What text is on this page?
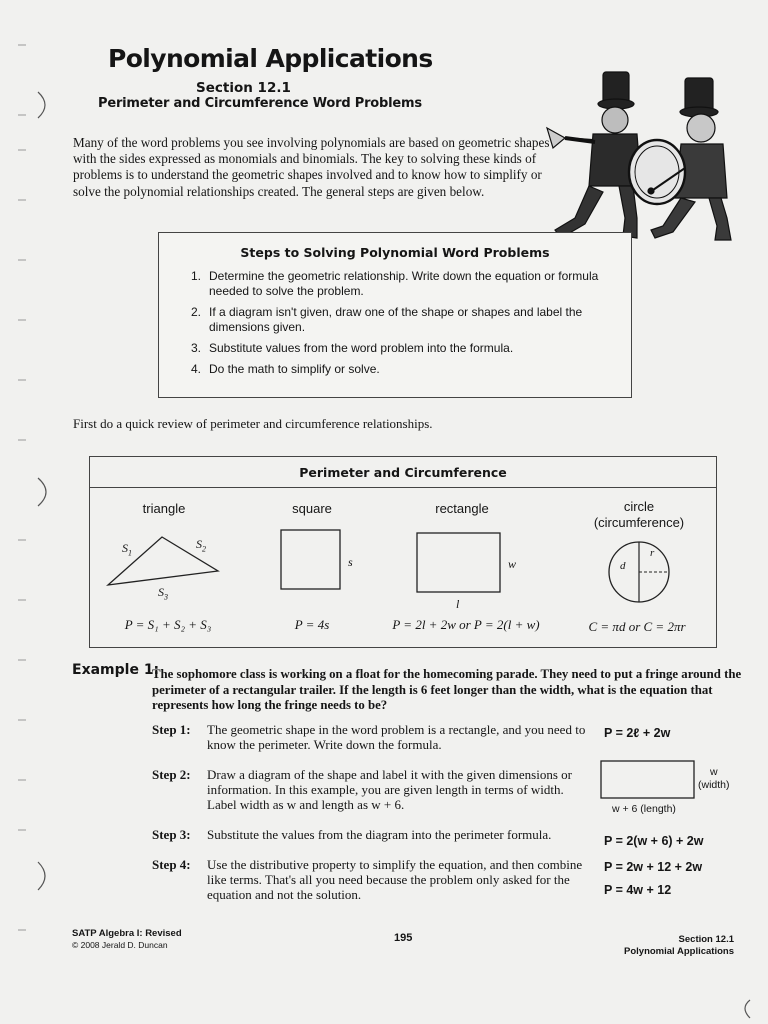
Polynomial Applications
Section 12.1
Perimeter and Circumference Word Problems
Many of the word problems you see involving polynomials are based on geometric shapes with the sides expressed as monomials and binomials. The key to solving these kinds of problems is to understand the geometric shapes involved and to know how to simplify or solve the polynomial relationships created. The general steps are given below.
Steps to Solving Polynomial Word Problems
1. Determine the geometric relationship. Write down the equation or formula needed to solve the problem.
2. If a diagram isn't given, draw one of the shape or shapes and label the dimensions given.
3. Substitute values from the word problem into the formula.
4. Do the math to simplify or solve.
First do a quick review of perimeter and circumference relationships.
Perimeter and Circumference
triangle
$S_1$
$S_2$
$S_3$
P = S₁ + S₂ + S₃
square
s
P = 4s
rectangle
w
l
P = 2l + 2w or P = 2(l + w)
circle
(circumference)
d
r
C = πd or C = 2πr
Example 1:
The sophomore class is working on a float for the homecoming parade. They need to put a fringe around the perimeter of a rectangular trailer. If the length is 6 feet longer than the width, what is the equation that represents how long the fringe needs to be?
Step 1: The geometric shape in the word problem is a rectangle, and you need to know the perimeter. Write down the formula.
Step 2: Draw a diagram of the shape and label it with the given dimensions or information. In this example, you are given length in terms of width. Label width as w and length as w + 6.
Step 3: Substitute the values from the diagram into the perimeter formula.
Step 4: Use the distributive property to simplify the equation, and then combine like terms. That's all you need because the problem only asked for the equation and not the solution.
P = 2ℓ + 2w
w
(width)
w + 6 (length)
P = 2(w + 6) + 2w
P = 2w + 12 + 2w
P = 4w + 12
SATP Algebra I: Revised
© 2008 Jerald D. Duncan
195	Section 12.1
Polynomial Applications
